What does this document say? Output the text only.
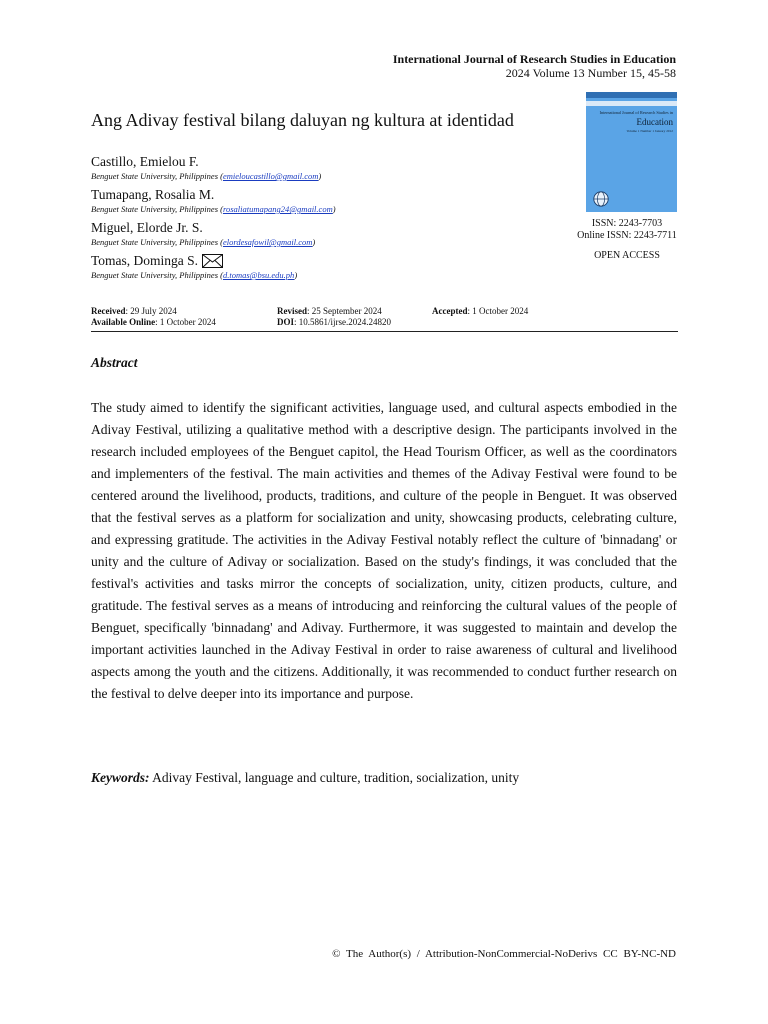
International Journal of Research Studies in Education
2024 Volume 13 Number 15, 45-58
International Journal of Research Studies in
Education
Volume 1 Number 1 January 2012
ISSN: 2243-7703
Online ISSN: 2243-7711
OPEN ACCESS
Ang Adivay festival bilang daluyan ng kultura at identidad
Castillo, Emielou F.
Benguet State University, Philippines (emieloucastillo@gmail.com)
Tumapang, Rosalia M.
Benguet State University, Philippines (rosaliatumapang24@gmail.com)
Miguel, Elorde Jr. S.
Benguet State University, Philippines (elordesafowil@gmail.com)
Tomas, Dominga S.
Benguet State University, Philippines (d.tomas@bsu.edu.ph)
Received: 29 July 2024	Revised: 25 September 2024	Accepted: 1 October 2024
Available Online: 1 October 2024	DOI: 10.5861/ijrse.2024.24820
Abstract
The study aimed to identify the significant activities, language used, and cultural aspects embodied in the Adivay Festival, utilizing a qualitative method with a descriptive design. The participants involved in the research included employees of the Benguet capitol, the Head Tourism Officer, as well as the coordinators and implementers of the festival. The main activities and themes of the Adivay Festival were found to be centered around the livelihood, products, traditions, and culture of the people in Benguet. It was observed that the festival serves as a platform for socialization and unity, showcasing products, celebrating culture, and expressing gratitude. The activities in the Adivay Festival notably reflect the culture of 'binnadang' or unity and the culture of Adivay or socialization. Based on the study's findings, it was concluded that the festival's activities and tasks mirror the concepts of socialization, unity, citizen products, culture, and gratitude. The festival serves as a means of introducing and reinforcing the cultural values of the people of Benguet, specifically 'binnadang' and Adivay. Furthermore, it was suggested to maintain and develop the important activities launched in the Adivay Festival in order to raise awareness of cultural and livelihood aspects among the youth and the citizens. Additionally, it was recommended to conduct further research on the festival to delve deeper into its importance and purpose.
Keywords: Adivay Festival, language and culture, tradition, socialization, unity
© The Author(s) / Attribution-NonCommercial-NoDerivs CC BY-NC-ND
